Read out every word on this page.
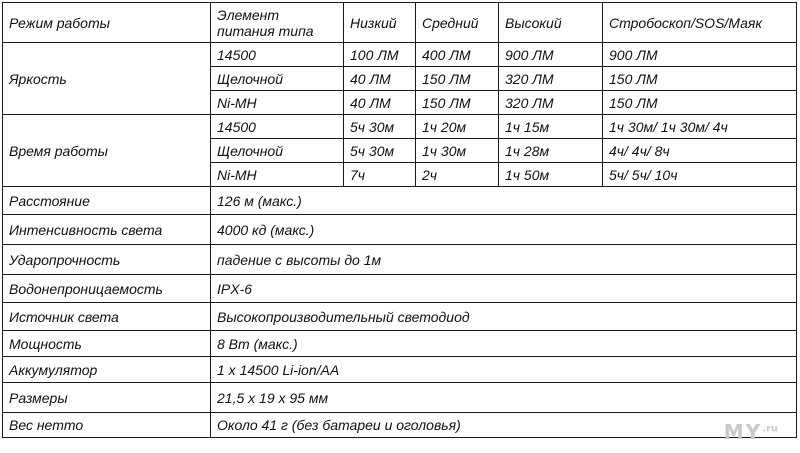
Режим работы	Элемент питания типа	Низкий	Средний	Высокий	Стробоскоп/SOS/Маяк
Яркость	14500	100 ЛМ	400 ЛМ	900 ЛМ	900 ЛМ
	Щелочной	40 ЛМ	150 ЛМ	320 ЛМ	150 ЛМ
	Ni-MH	40 ЛМ	150 ЛМ	320 ЛМ	150 ЛМ
Время работы	14500	5ч 30м	1ч 20м	1ч 15м	1ч 30м/ 1ч 30м/ 4ч
	Щелочной	5ч 30м	1ч 30м	1ч 28м	4ч/ 4ч/ 8ч
	Ni-MH	7ч	2ч	1ч 50м	5ч/ 5ч/ 10ч
Расстояние	126 м (макс.)				
Интенсивность света	4000 кд (макс.)				
Ударопрочность	падение с высоты до 1м				
Водонепроницаемость	IPX-6				
Источник света	Высокопроизводительный светодиод				
Мощность	8 Вт (макс.)				
Аккумулятор	1 x 14500 Li-ion/AA				
Размеры	21,5 x 19 x 95 мм				
Вес нетто	Около 41 г (без батареи и оголовья)					$MY^{.ru}$
